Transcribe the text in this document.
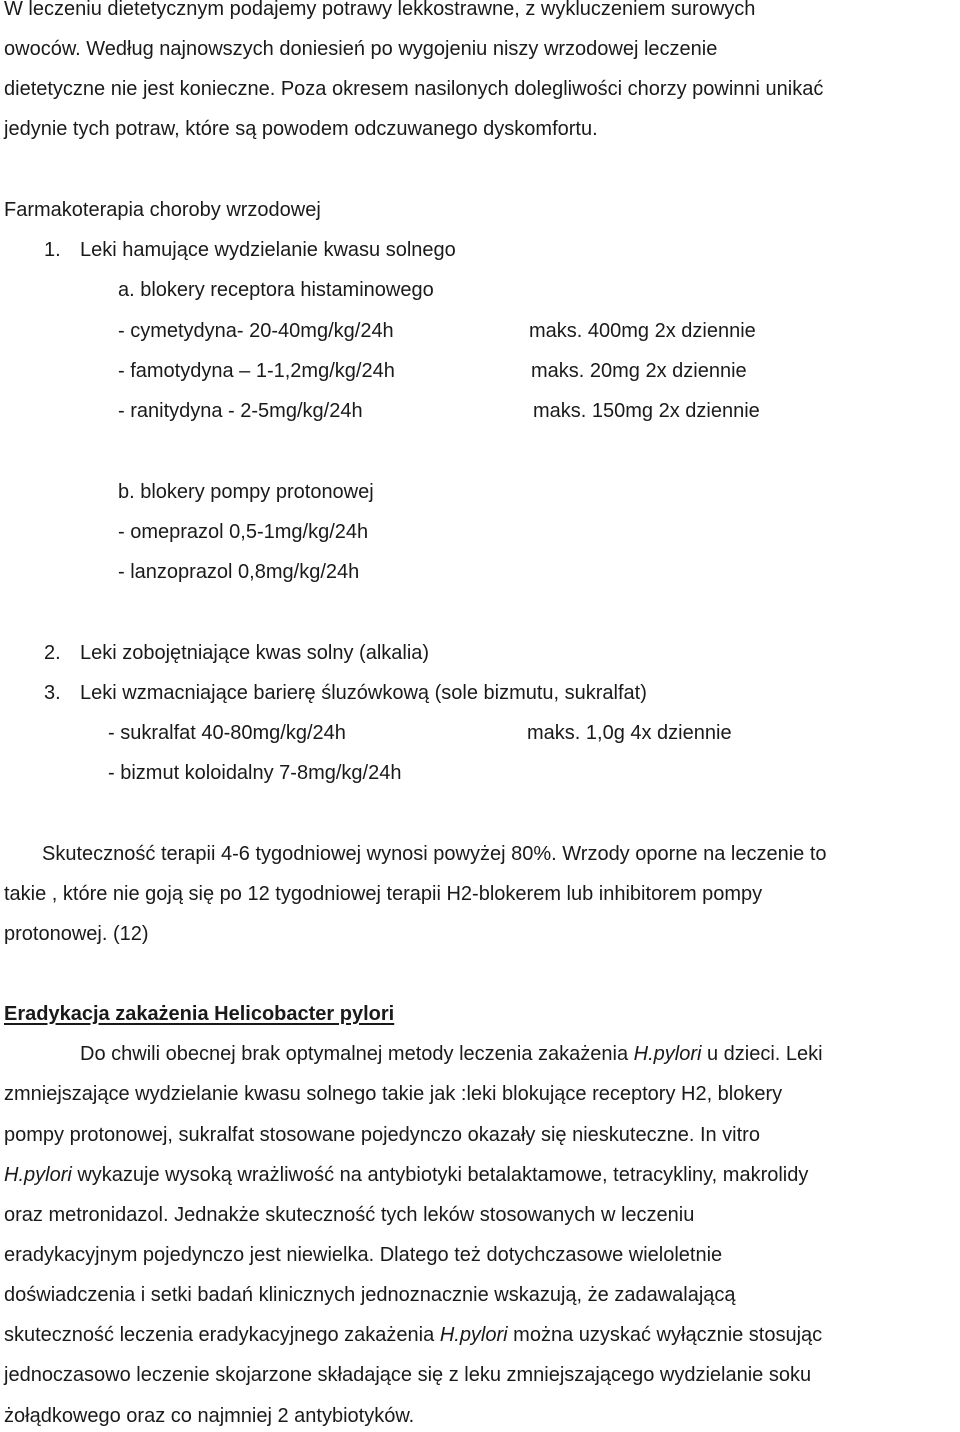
W leczeniu dietetycznym podajemy potrawy lekkostrawne, z wykluczeniem surowych
owoców. Według najnowszych doniesień po wygojeniu niszy wrzodowej leczenie
dietetyczne nie jest konieczne. Poza okresem nasilonych dolegliwości chorzy powinni unikać
jedynie tych potraw, które są powodem odczuwanego dyskomfortu.
Farmakoterapia choroby wrzodowej
1. Leki hamujące wydzielanie kwasu solnego
a. blokery receptora histaminowego
- cymetydyna- 20-40mg/kg/24h	maks. 400mg 2x dziennie
- famotydyna – 1-1,2mg/kg/24h	maks. 20mg 2x dziennie
- ranitydyna - 2-5mg/kg/24h	maks. 150mg 2x dziennie
b. blokery pompy protonowej
- omeprazol 0,5-1mg/kg/24h
- lanzoprazol 0,8mg/kg/24h
2. Leki zobojętniające kwas solny (alkalia)
3. Leki wzmacniające barierę śluzówkową (sole bizmutu, sukralfat)
- sukralfat 40-80mg/kg/24h	maks. 1,0g 4x dziennie
- bizmut koloidalny 7-8mg/kg/24h
Skuteczność terapii 4-6 tygodniowej wynosi powyżej 80%. Wrzody oporne na leczenie to
takie , które nie goją się po 12 tygodniowej terapii H2-blokerem lub inhibitorem pompy
protonowej. (12)
Eradykacja zakażenia Helicobacter pylori
Do chwili obecnej brak optymalnej metody leczenia zakażenia H.pylori u dzieci. Leki
zmniejszające wydzielanie kwasu solnego takie jak :leki blokujące receptory H2, blokery
pompy protonowej, sukralfat stosowane pojedynczo okazały się nieskuteczne. In vitro
H.pylori wykazuje wysoką wrażliwość na antybiotyki betalaktamowe, tetracykliny, makrolidy
oraz metronidazol. Jednakże skuteczność tych leków stosowanych w leczeniu
eradykacyjnym pojedynczo jest niewielka. Dlatego też dotychczasowe wieloletnie
doświadczenia i setki badań klinicznych jednoznacznie wskazują, że zadawalającą
skuteczność leczenia eradykacyjnego zakażenia H.pylori można uzyskać wyłącznie stosując
jednoczasowo leczenie skojarzone składające się z leku zmniejszającego wydzielanie soku
żołądkowego oraz co najmniej 2 antybiotyków.
